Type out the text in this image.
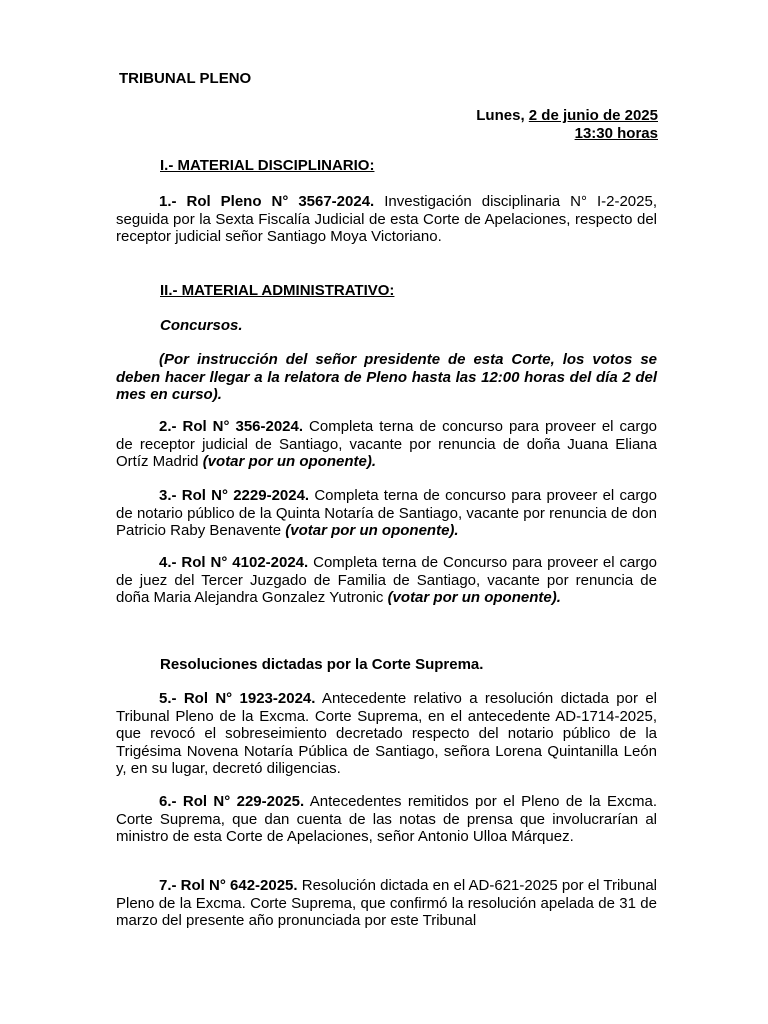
TRIBUNAL PLENO
Lunes, 2 de junio de 2025
13:30 horas
I.- MATERIAL DISCIPLINARIO:
1.- Rol Pleno N° 3567-2024. Investigación disciplinaria N° I-2-2025, seguida por la Sexta Fiscalía Judicial de esta Corte de Apelaciones, respecto del receptor judicial señor Santiago Moya Victoriano.
II.- MATERIAL ADMINISTRATIVO:
Concursos.
(Por instrucción del señor presidente de esta Corte, los votos se deben hacer llegar a la relatora de Pleno hasta las 12:00 horas del día 2 del mes en curso).
2.- Rol N° 356-2024. Completa terna de concurso para proveer el cargo de receptor judicial de Santiago, vacante por renuncia de doña Juana Eliana Ortíz Madrid (votar por un oponente).
3.- Rol N° 2229-2024. Completa terna de concurso para proveer el cargo de notario público de la Quinta Notaría de Santiago, vacante por renuncia de don Patricio Raby Benavente (votar por un oponente).
4.- Rol N° 4102-2024. Completa terna de Concurso para proveer el cargo de juez del Tercer Juzgado de Familia de Santiago, vacante por renuncia de doña Maria Alejandra Gonzalez Yutronic (votar por un oponente).
Resoluciones dictadas por la Corte Suprema.
5.- Rol N° 1923-2024. Antecedente relativo a resolución dictada por el Tribunal Pleno de la Excma. Corte Suprema, en el antecedente AD-1714-2025, que revocó el sobreseimiento decretado respecto del notario público de la Trigésima Novena Notaría Pública de Santiago, señora Lorena Quintanilla León y, en su lugar, decretó diligencias.
6.- Rol N° 229-2025. Antecedentes remitidos por el Pleno de la Excma. Corte Suprema, que dan cuenta de las notas de prensa que involucrarían al ministro de esta Corte de Apelaciones, señor Antonio Ulloa Márquez.
7.- Rol N° 642-2025. Resolución dictada en el AD-621-2025 por el Tribunal Pleno de la Excma. Corte Suprema, que confirmó la resolución apelada de 31 de marzo del presente año pronunciada por este Tribunal
